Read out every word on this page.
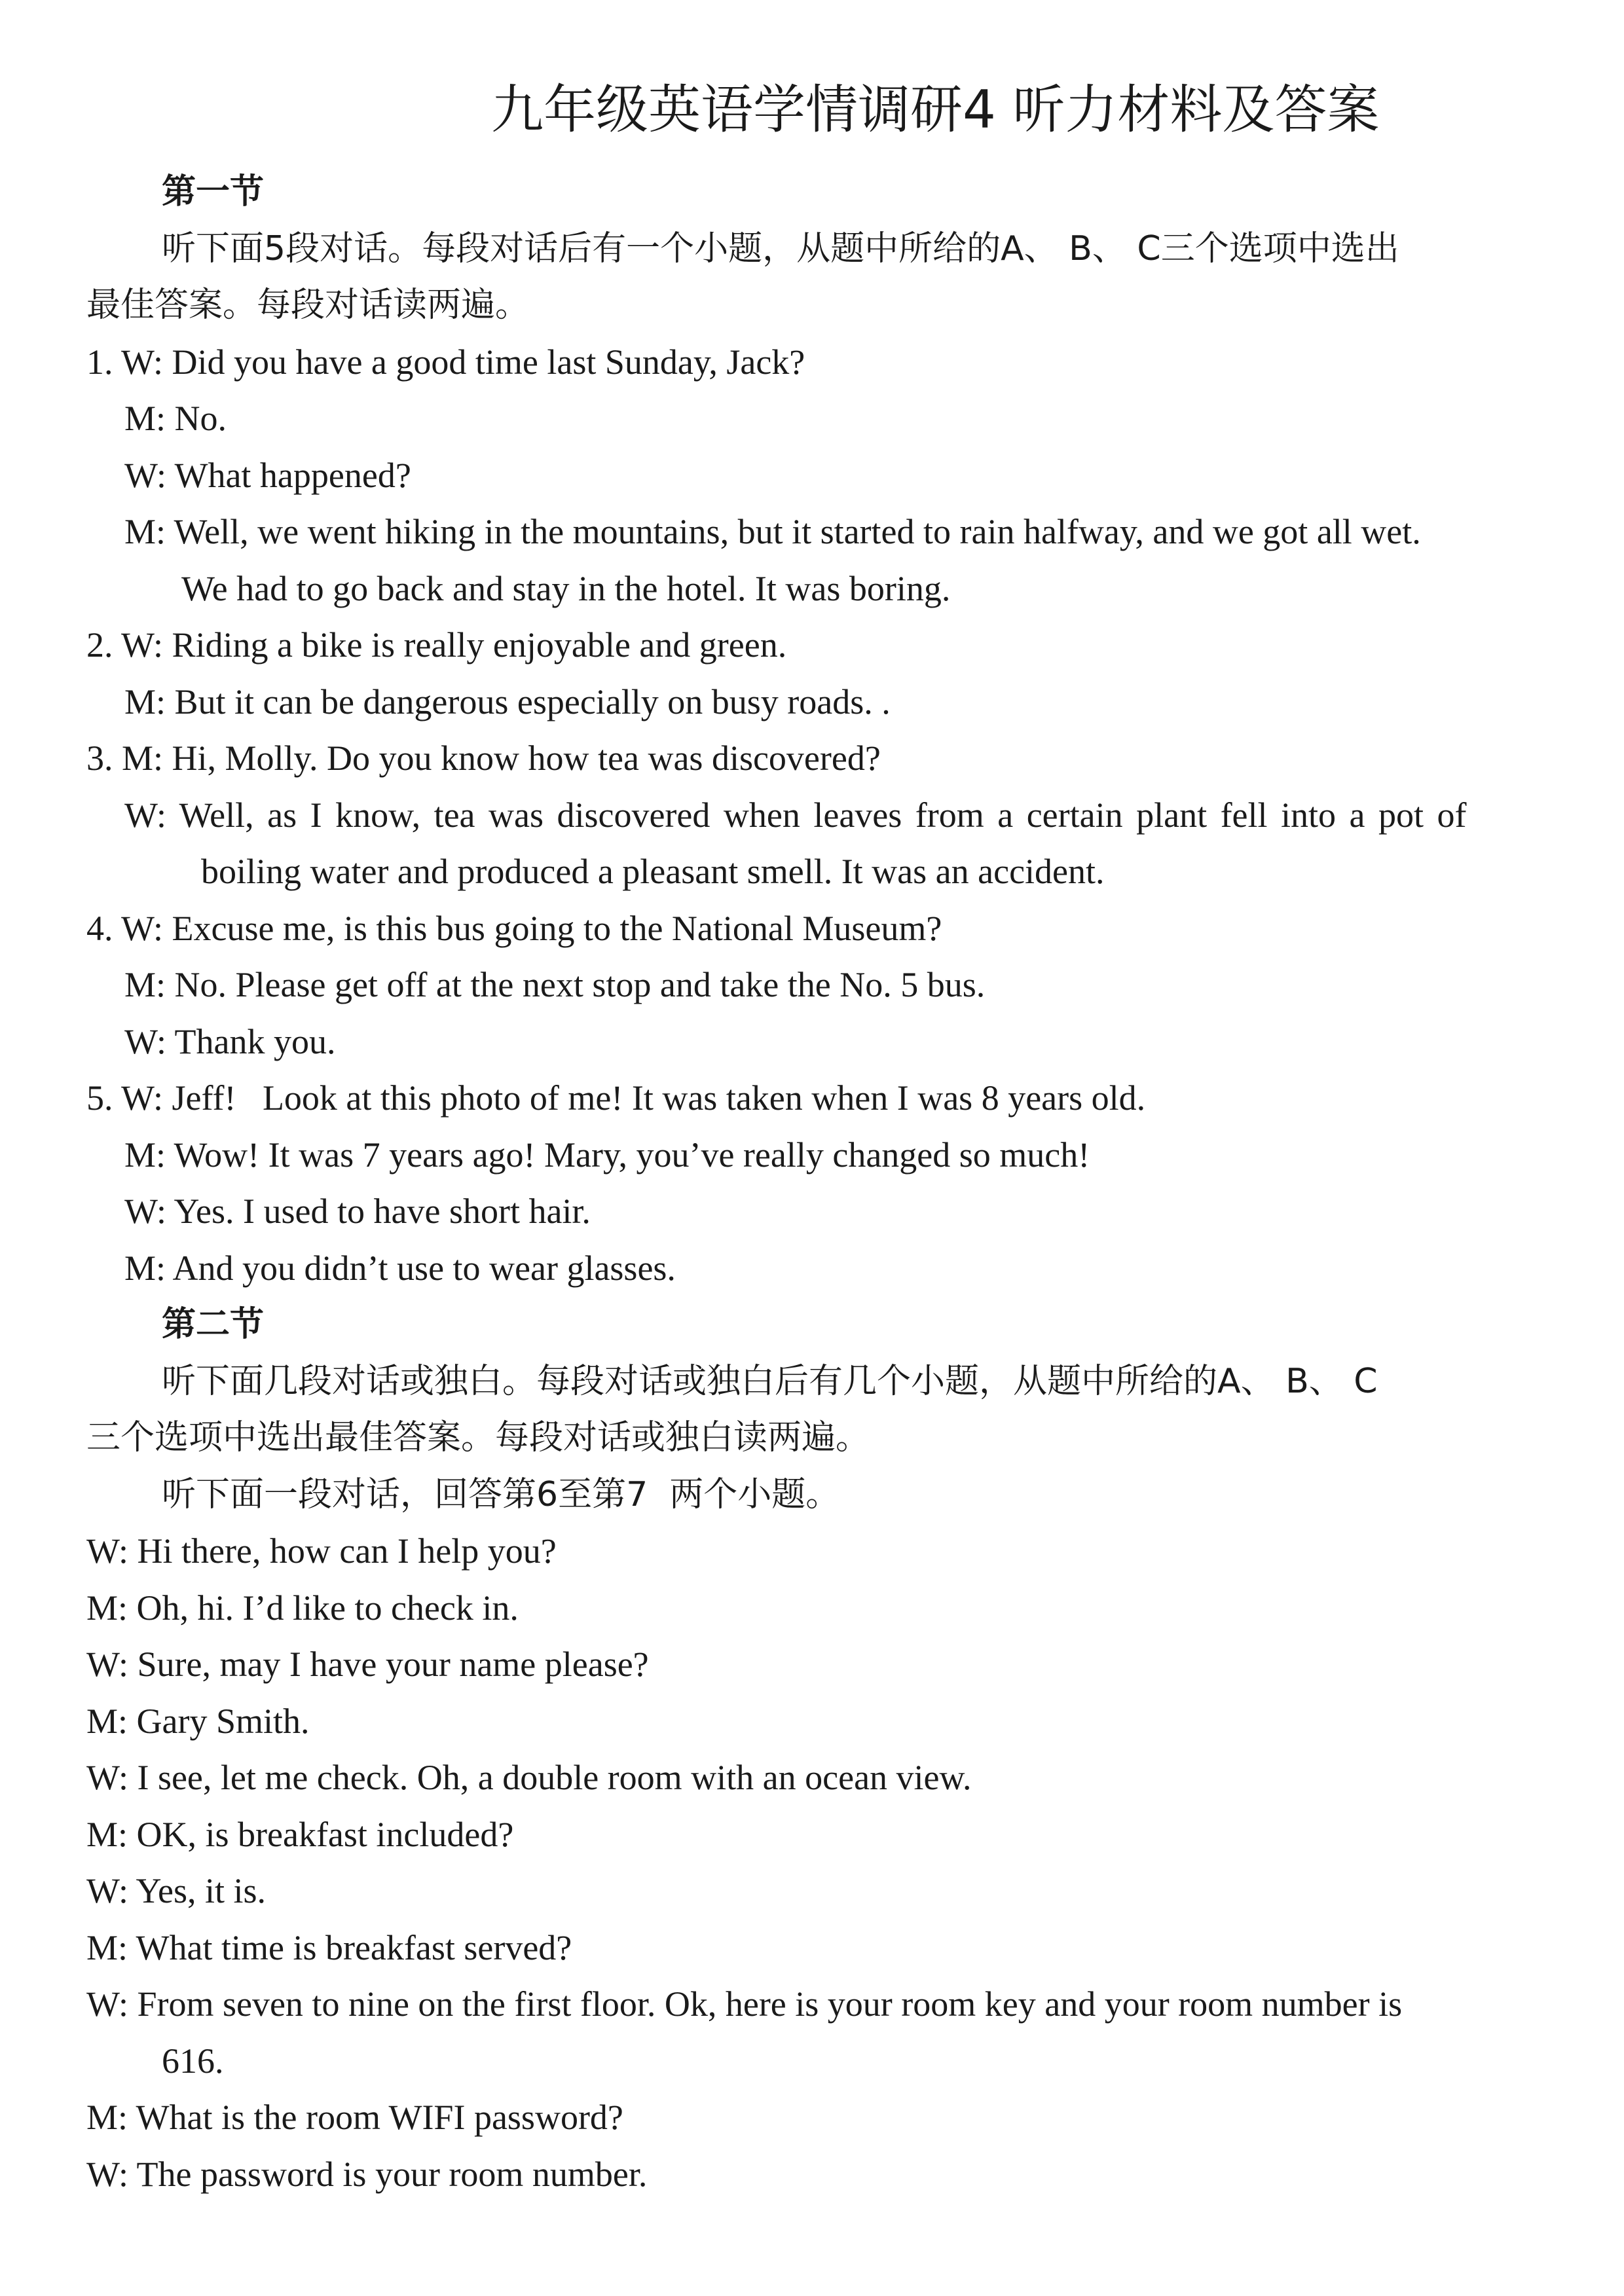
九年级英语学情调研4 听力材料及答案
第一节
听下面5段对话。每段对话后有一个小题，从题中所给的A、 B、 C三个选项中选出
最佳答案。每段对话读两遍。
1. W: Did you have a good time last Sunday, Jack?
M: No.
W: What happened?
M: Well, we went hiking in the mountains, but it started to rain halfway, and we got all wet.
We had to go back and stay in the hotel. It was boring.
2. W: Riding a bike is really enjoyable and green.
M: But it can be dangerous especially on busy roads. .
3. M: Hi, Molly. Do you know how tea was discovered?
W: Well, as I know, tea was discovered when leaves from a certain plant fell into a pot of
boiling water and produced a pleasant smell. It was an accident.
4. W: Excuse me, is this bus going to the National Museum?
M: No. Please get off at the next stop and take the No. 5 bus.
W: Thank you.
5. W: Jeff!   Look at this photo of me! It was taken when I was 8 years old.
M: Wow! It was 7 years ago! Mary, you’ve really changed so much!
W: Yes. I used to have short hair.
M: And you didn’t use to wear glasses.
第二节
听下面几段对话或独白。每段对话或独白后有几个小题，从题中所给的A、 B、 C
三个选项中选出最佳答案。每段对话或独白读两遍。
听下面一段对话，回答第6至第7  两个小题。
W: Hi there, how can I help you?
M: Oh, hi. I’d like to check in.
W: Sure, may I have your name please?
M: Gary Smith.
W: I see, let me check. Oh, a double room with an ocean view.
M: OK, is breakfast included?
W: Yes, it is.
M: What time is breakfast served?
W: From seven to nine on the first floor. Ok, here is your room key and your room number is
616.
M: What is the room WIFI password?
W: The password is your room number.
